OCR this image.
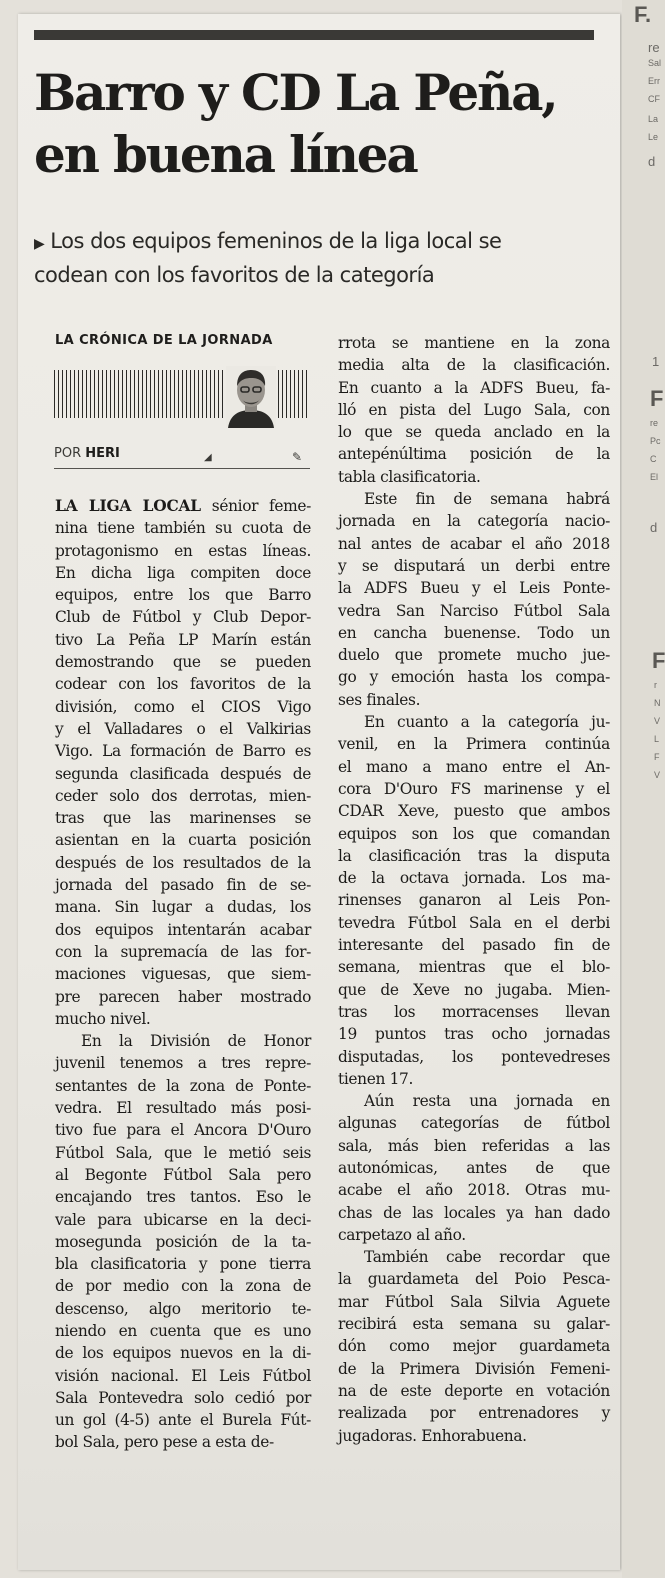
F.
re
Sal
Err
CF
La
Le
d
1
F
re
Pc
C
El
d
F
r
N
V
L
F
V
Barro y CD La Peña,
en buena línea
▶ Los dos equipos femeninos de la liga local se
codean con los favoritos de la categoría
LA CRÓNICA DE LA JORNADA
POR HERI	◢	✎

LA LIGA LOCAL sénior feme-
nina tiene también su cuota de
protagonismo en estas líneas.
En dicha liga compiten doce
equipos, entre los que Barro
Club de Fútbol y Club Depor-
tivo La Peña LP Marín están
demostrando que se pueden
codear con los favoritos de la
división, como el CIOS Vigo
y el Valladares o el Valkirias
Vigo. La formación de Barro es
segunda clasificada después de
ceder solo dos derrotas, mien-
tras que las marinenses se
asientan en la cuarta posición
después de los resultados de la
jornada del pasado fin de se-
mana. Sin lugar a dudas, los
dos equipos intentarán acabar
con la supremacía de las for-
maciones viguesas, que siem-
pre parecen haber mostrado
mucho nivel.

En la División de Honor
juvenil tenemos a tres repre-
sentantes de la zona de Ponte-
vedra. El resultado más posi-
tivo fue para el Ancora D'Ouro
Fútbol Sala, que le metió seis
al Begonte Fútbol Sala pero
encajando tres tantos. Eso le
vale para ubicarse en la deci-
mosegunda posición de la ta-
bla clasificatoria y pone tierra
de por medio con la zona de
descenso, algo meritorio te-
niendo en cuenta que es uno
de los equipos nuevos en la di-
visión nacional. El Leis Fútbol
Sala Pontevedra solo cedió por
un gol (4-5) ante el Burela Fút-
bol Sala, pero pese a esta de-

rrota se mantiene en la zona
media alta de la clasificación.
En cuanto a la ADFS Bueu, fa-
lló en pista del Lugo Sala, con
lo que se queda anclado en la
antepénúltima posición de la
tabla clasificatoria.

Este fin de semana habrá
jornada en la categoría nacio-
nal antes de acabar el año 2018
y se disputará un derbi entre
la ADFS Bueu y el Leis Ponte-
vedra San Narciso Fútbol Sala
en cancha buenense. Todo un
duelo que promete mucho jue-
go y emoción hasta los compa-
ses finales.

En cuanto a la categoría ju-
venil, en la Primera continúa
el mano a mano entre el An-
cora D'Ouro FS marinense y el
CDAR Xeve, puesto que ambos
equipos son los que comandan
la clasificación tras la disputa
de la octava jornada. Los ma-
rinenses ganaron al Leis Pon-
tevedra Fútbol Sala en el derbi
interesante del pasado fin de
semana, mientras que el blo-
que de Xeve no jugaba. Mien-
tras los morracenses llevan
19 puntos tras ocho jornadas
disputadas, los pontevedreses
tienen 17.

Aún resta una jornada en
algunas categorías de fútbol
sala, más bien referidas a las
autonómicas, antes de que
acabe el año 2018. Otras mu-
chas de las locales ya han dado
carpetazo al año.

También cabe recordar que
la guardameta del Poio Pesca-
mar Fútbol Sala Silvia Aguete
recibirá esta semana su galar-
dón como mejor guardameta
de la Primera División Femeni-
na de este deporte en votación
realizada por entrenadores y
jugadoras. Enhorabuena.
